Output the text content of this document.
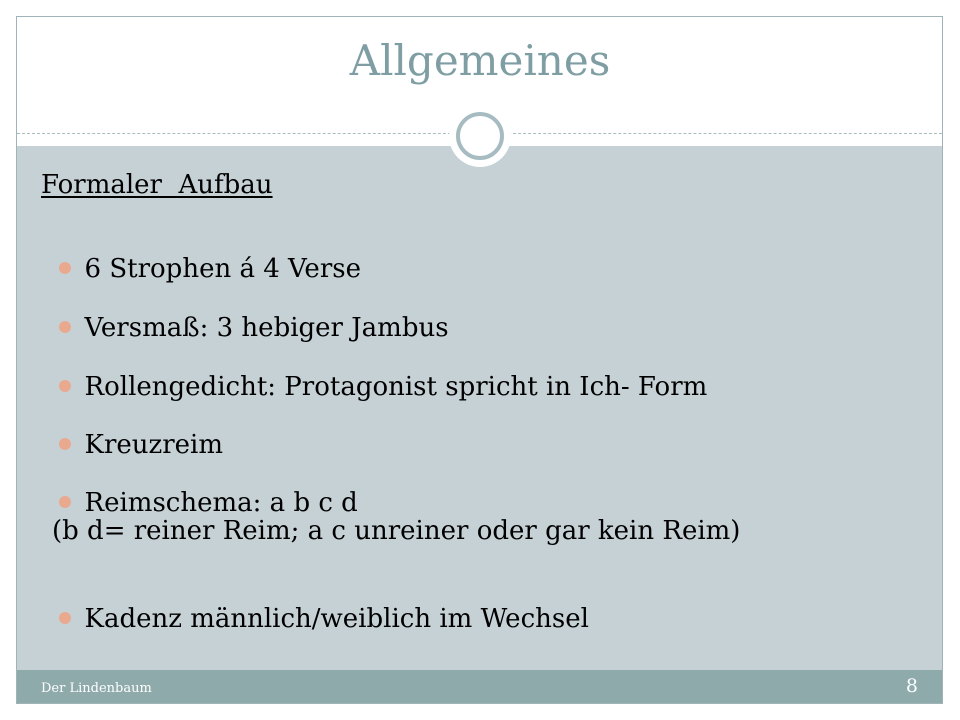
Allgemeines
Formaler  Aufbau

6 Strophen á 4 Verse

Versmaß: 3 hebiger Jambus

Rollengedicht: Protagonist spricht in Ich- Form

Kreuzreim

Reimschema: a b c d

(b d= reiner Reim; a c unreiner oder gar kein Reim)

Kadenz männlich/weiblich im Wechsel

Der Lindenbaum	8
